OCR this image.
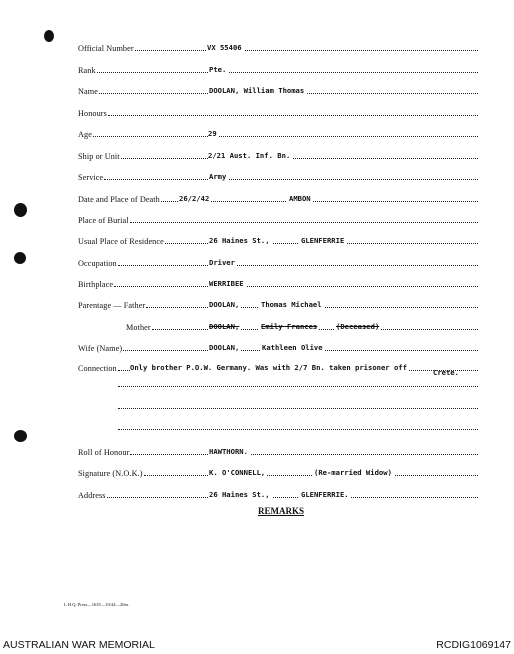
Official Number	VX 55406
Rank	Pte.
Name	DOOLAN, William Thomas
Honours
Age	29
Ship or Unit	2/21 Aust. Inf. Bn.
Service	Army
Date and Place of Death	26/2/42	AMBON
Place of Burial
Usual Place of Residence	26 Haines St.,	GLENFERRIE
Occupation	Driver
Birthplace	WERRIBEE
Parentage — Father	DOOLAN,	Thomas Michael
Mother	DOOLAN,	Emily Frances	(Deceased)
Wife (Name)	DOOLAN,	Kathleen Olive
Connection Only brother P.O.W. Germany. Was with 2/7 Bn. taken prisoner off
Crete.
Roll of Honour	HAWTHORN.
Signature (N.O.K.)	K. O'CONNELL,	(Re-married Widow)
Address	26 Haines St.,	GLENFERRIE.
REMARKS
L.H.Q. Press—1635—10/44—20m.
AUSTRALIAN WAR MEMORIAL	RCDIG1069147
